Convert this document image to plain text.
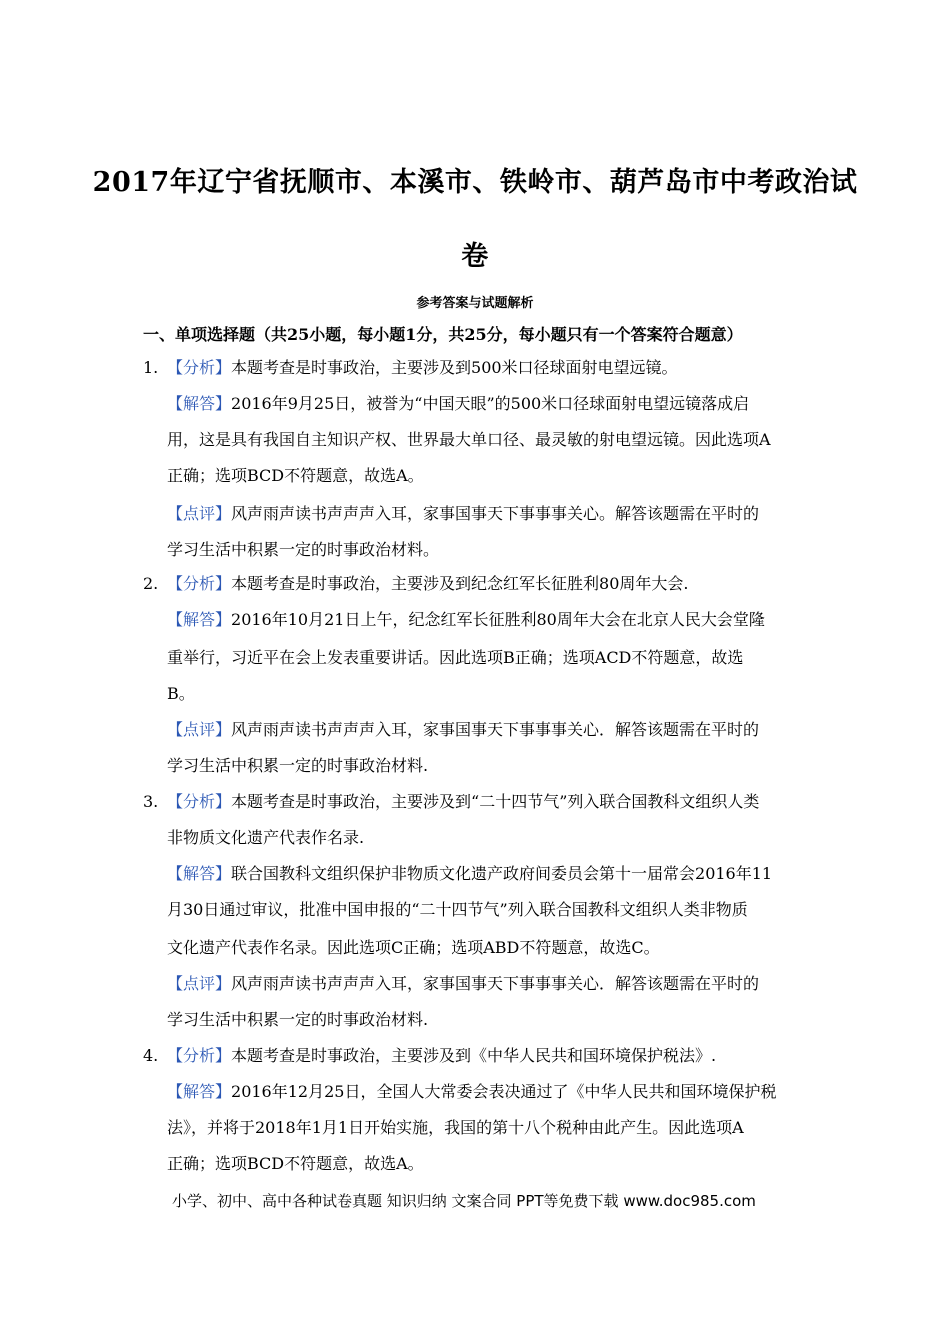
2017年辽宁省抚顺市、本溪市、铁岭市、葫芦岛市中考政治试
卷
参考答案与试题解析
一、单项选择题（共25小题，每小题1分，共25分，每小题只有一个答案符合题意）
1. 【分析】本题考查是时事政治，主要涉及到500米口径球面射电望远镜。
【解答】2016年9月25日，被誉为“中国天眼”的500米口径球面射电望远镜落成启
用，这是具有我国自主知识产权、世界最大单口径、最灵敏的射电望远镜。因此选项A
正确；选项BCD不符题意，故选A。
【点评】风声雨声读书声声声入耳，家事国事天下事事事关心。解答该题需在平时的
学习生活中积累一定的时事政治材料。
2. 【分析】本题考查是时事政治，主要涉及到纪念红军长征胜利80周年大会.
【解答】2016年10月21日上午，纪念红军长征胜利80周年大会在北京人民大会堂隆
重举行，习近平在会上发表重要讲话。因此选项B正确；选项ACD不符题意，故选
B。
【点评】风声雨声读书声声声入耳，家事国事天下事事事关心．解答该题需在平时的
学习生活中积累一定的时事政治材料.
3. 【分析】本题考查是时事政治，主要涉及到“二十四节气”列入联合国教科文组织人类
非物质文化遗产代表作名录.
【解答】联合国教科文组织保护非物质文化遗产政府间委员会第十一届常会2016年11
月30日通过审议，批准中国申报的“二十四节气”列入联合国教科文组织人类非物质
文化遗产代表作名录。因此选项C正确；选项ABD不符题意，故选C。
【点评】风声雨声读书声声声入耳，家事国事天下事事事关心．解答该题需在平时的
学习生活中积累一定的时事政治材料.
4. 【分析】本题考查是时事政治，主要涉及到《中华人民共和国环境保护税法》.
【解答】2016年12月25日，全国人大常委会表决通过了《中华人民共和国环境保护税
法》，并将于2018年1月1日开始实施，我国的第十八个税种由此产生。因此选项A
正确；选项BCD不符题意，故选A。
小学、初中、高中各种试卷真题 知识归纳 文案合同 PPT等免费下载 www.doc985.com
